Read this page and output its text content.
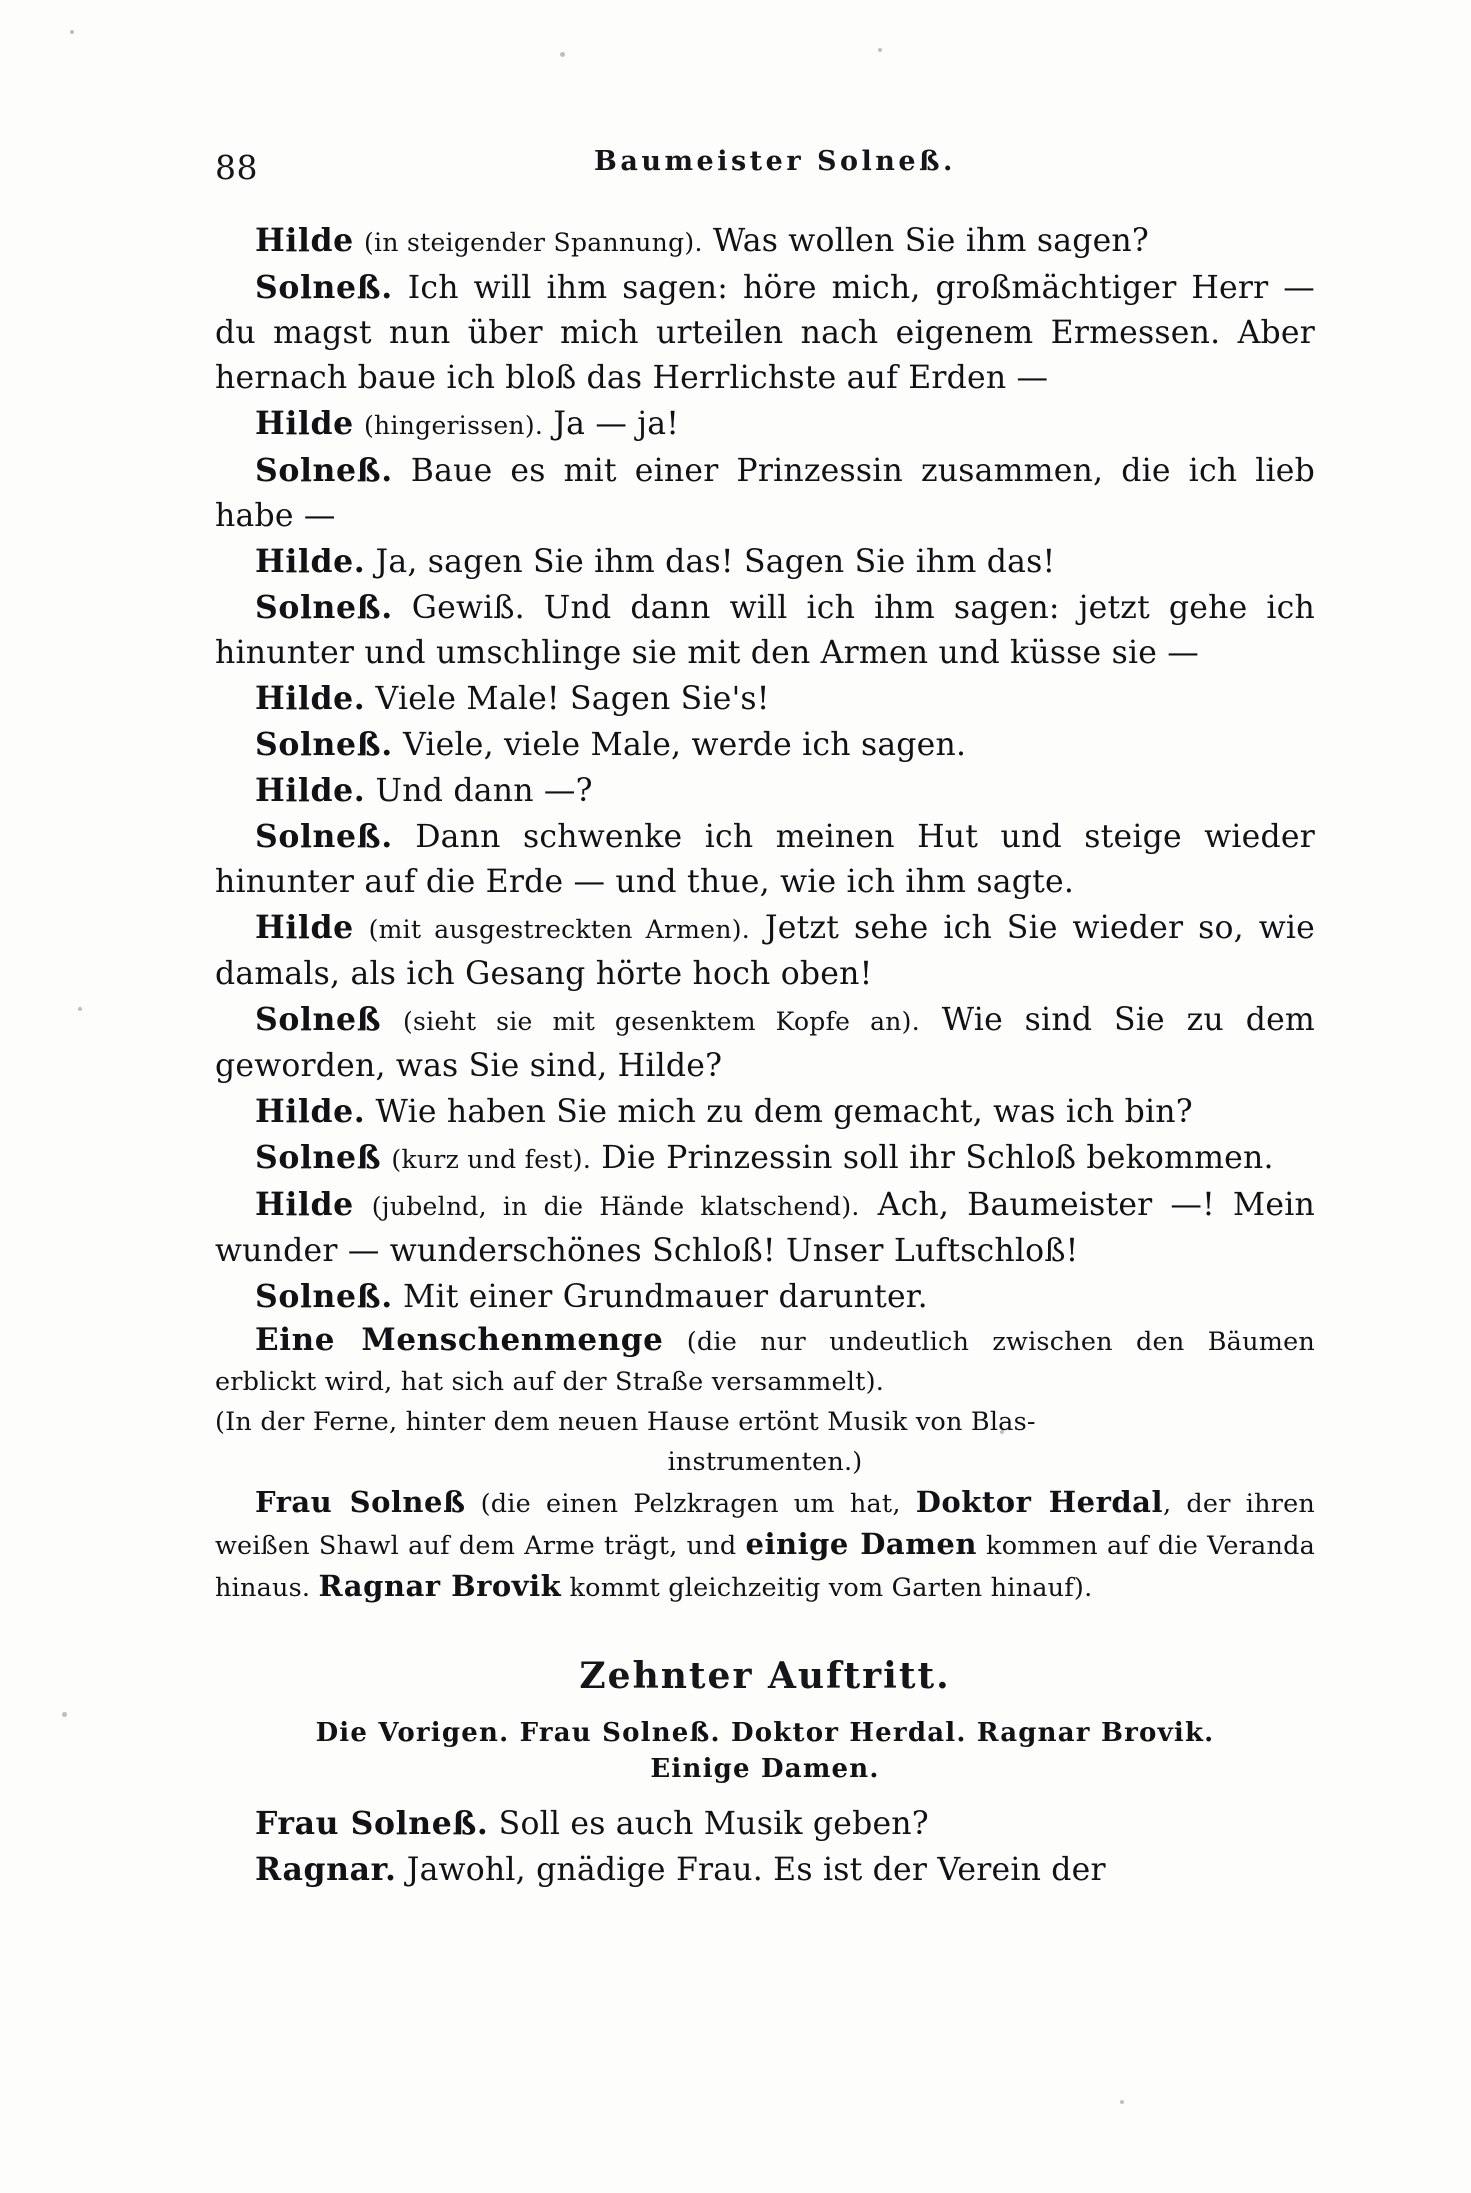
88	Baumeister Solneß.

Hilde (in steigender Spannung). Was wollen Sie ihm sagen?

Solneß. Ich will ihm sagen: höre mich, großmächtiger Herr — du magst nun über mich urteilen nach eigenem Ermessen. Aber hernach baue ich bloß das Herrlichste auf Erden —

Hilde (hingerissen). Ja — ja!

Solneß. Baue es mit einer Prinzessin zusammen, die ich lieb habe —

Hilde. Ja, sagen Sie ihm das! Sagen Sie ihm das!

Solneß. Gewiß. Und dann will ich ihm sagen: jetzt gehe ich hinunter und umschlinge sie mit den Armen und küsse sie —

Hilde. Viele Male! Sagen Sie's!

Solneß. Viele, viele Male, werde ich sagen.

Hilde. Und dann —?

Solneß. Dann schwenke ich meinen Hut und steige wieder hinunter auf die Erde — und thue, wie ich ihm sagte.

Hilde (mit ausgestreckten Armen). Jetzt sehe ich Sie wieder so, wie damals, als ich Gesang hörte hoch oben!

Solneß (sieht sie mit gesenktem Kopfe an). Wie sind Sie zu dem geworden, was Sie sind, Hilde?

Hilde. Wie haben Sie mich zu dem gemacht, was ich bin?

Solneß (kurz und fest). Die Prinzessin soll ihr Schloß bekommen.

Hilde (jubelnd, in die Hände klatschend). Ach, Baumeister —! Mein wunder — wunderschönes Schloß! Unser Luftschloß!

Solneß. Mit einer Grundmauer darunter.

Eine Menschenmenge (die nur undeutlich zwischen den Bäumen erblickt wird, hat sich auf der Straße versammelt).

(In der Ferne, hinter dem neuen Hause ertönt Musik von Blas-

instrumenten.)

Frau Solneß (die einen Pelzkragen um hat, Doktor Herdal, der ihren weißen Shawl auf dem Arme trägt, und einige Damen kommen auf die Veranda hinaus. Ragnar Brovik kommt gleichzeitig vom Garten hinauf).

Zehnter Auftritt.
Die Vorigen. Frau Solneß. Doktor Herdal. Ragnar Brovik.
Einige Damen.

Frau Solneß. Soll es auch Musik geben?

Ragnar. Jawohl, gnädige Frau. Es ist der Verein der
